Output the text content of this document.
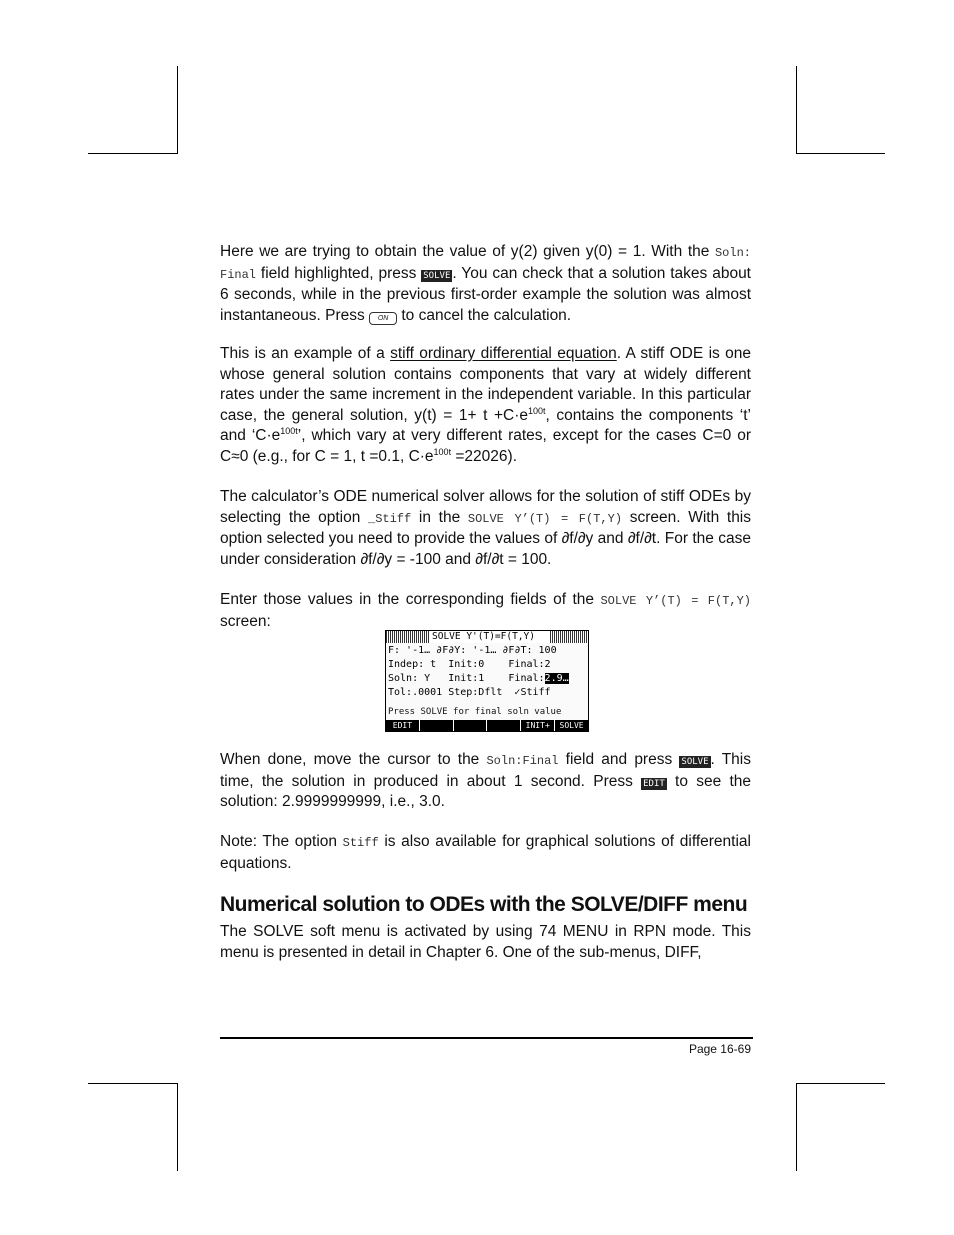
Here we are trying to obtain the value of y(2) given y(0) = 1. With the Soln: Final field highlighted, press SOLVE . You can check that a solution takes about 6 seconds, while in the previous first-order example the solution was almost instantaneous. Press ON to cancel the calculation.

This is an example of a stiff ordinary differential equation. A stiff ODE is one whose general solution contains components that vary at widely different rates under the same increment in the independent variable. In this particular case, the general solution, $y(t) = 1+ t +C\cdot e^{100t}$, contains the components ‘t’ and ‘$C\cdot e^{100t}$’, which vary at very different rates, except for the cases C=0 or C≈0 (e.g., for C = 1, t =0.1, $C\cdot e^{100t} =22026$).

The calculator’s ODE numerical solver allows for the solution of stiff ODEs by selecting the option _Stiff in the SOLVE Y’(T) = F(T,Y) screen. With this option selected you need to provide the values of ∂f/∂y and ∂f/∂t. For the case under consideration ∂f/∂y = -100 and ∂f/∂t = 100.

Enter those values in the corresponding fields of the SOLVE Y’(T) = F(T,Y) screen:

SOLVE Y'(T)=F(T,Y)

F: '-1… ∂F∂Y: '-1… ∂F∂T: 100
Indep: t  Init:0    Final:2
Soln: Y   Init:1    Final:2.9…
Tol:.0001 Step:Dflt  ✓Stiff
Press SOLVE for final soln value
EDIT	INIT+	SOLVE

When done, move the cursor to the Soln:Final field and press SOLVE . This time, the solution in produced in about 1 second. Press EDIT to see the solution: 2.9999999999, i.e., 3.0.

Note: The option Stiff is also available for graphical solutions of differential equations.

Numerical solution to ODEs with the SOLVE/DIFF menu

The SOLVE soft menu is activated by using 74 MENU in RPN mode. This menu is presented in detail in Chapter 6. One of the sub-menus, DIFF,

Page 16-69
